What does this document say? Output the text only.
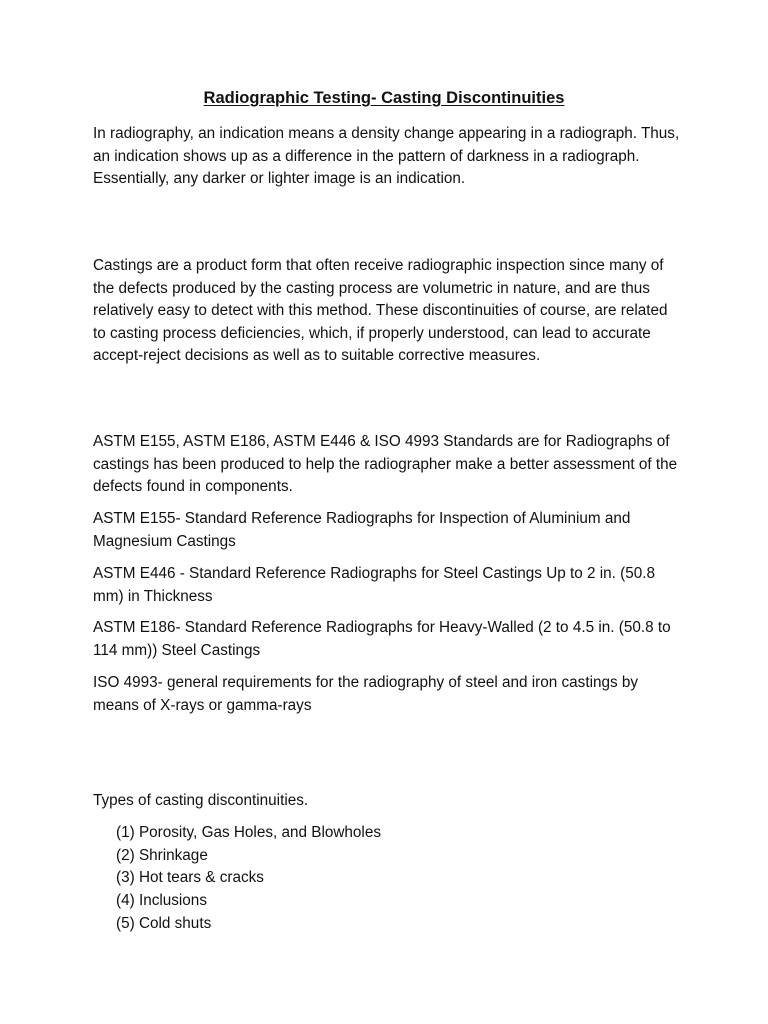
Radiographic Testing- Casting Discontinuities

In radiography, an indication means a density change appearing in a radiograph. Thus, an indication shows up as a difference in the pattern of darkness in a radiograph. Essentially, any darker or lighter image is an indication.

Castings are a product form that often receive radiographic inspection since many of the defects produced by the casting process are volumetric in nature, and are thus relatively easy to detect with this method. These discontinuities of course, are related to casting process deficiencies, which, if properly understood, can lead to accurate accept-reject decisions as well as to suitable corrective measures.

ASTM E155, ASTM E186, ASTM E446 & ISO 4993 Standards are for Radiographs of castings has been produced to help the radiographer make a better assessment of the defects found in components.

ASTM E155- Standard Reference Radiographs for Inspection of Aluminium and Magnesium Castings

ASTM E446 - Standard Reference Radiographs for Steel Castings Up to 2 in. (50.8 mm) in Thickness

ASTM E186- Standard Reference Radiographs for Heavy-Walled (2 to 4.5 in. (50.8 to 114 mm)) Steel Castings

ISO 4993- general requirements for the radiography of steel and iron castings by means of X-rays or gamma-rays

Types of casting discontinuities.

(1) Porosity, Gas Holes, and Blowholes
(2) Shrinkage
(3) Hot tears & cracks
(4) Inclusions
(5) Cold shuts
